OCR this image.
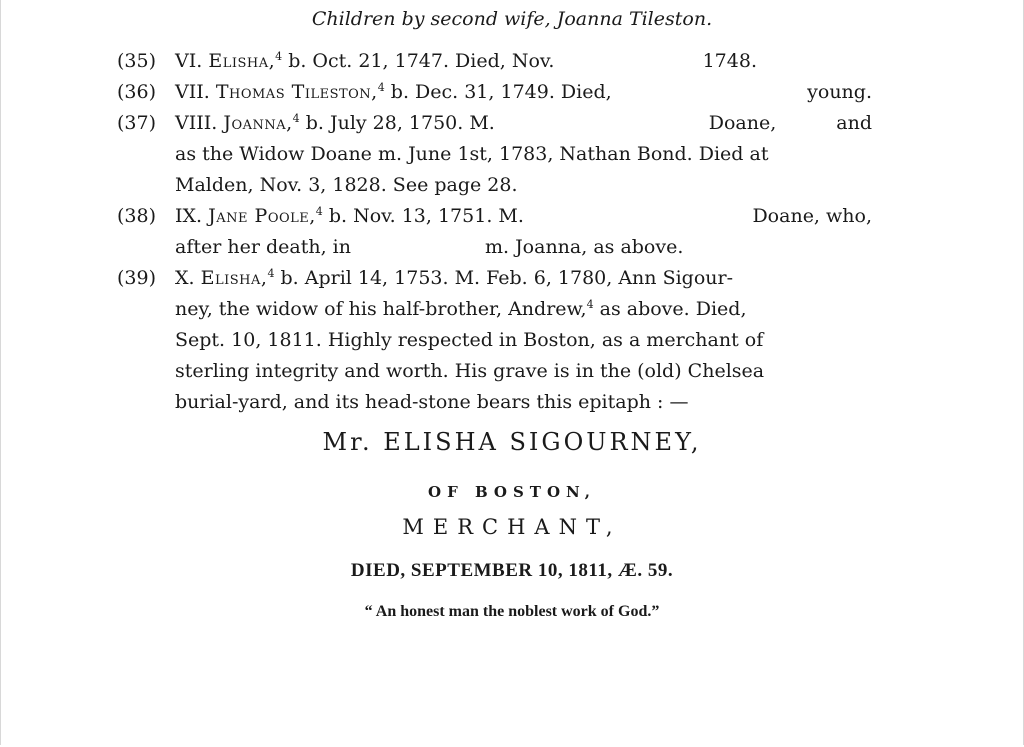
Children by second wife, Joanna Tileston.
(35) VI. Elisha,$^4$ b. Oct. 21, 1747. Died, Nov.	1748.
(36) VII. Thomas Tileston,$^4$ b. Dec. 31, 1749. Died,	young.
(37) VIII. Joanna,$^4$ b. July 28, 1750. M.	Doane,	and
as the Widow Doane m. June 1st, 1783, Nathan Bond. Died at
Malden, Nov. 3, 1828. See page 28.
(38) IX. Jane Poole,$^4$ b. Nov. 13, 1751. M.	Doane, who,
after her death, in	m. Joanna, as above.
(39) X. Elisha,$^4$ b. April 14, 1753. M. Feb. 6, 1780, Ann Sigour-
ney, the widow of his half-brother, Andrew,$^4$ as above. Died,
Sept. 10, 1811. Highly respected in Boston, as a merchant of
sterling integrity and worth. His grave is in the (old) Chelsea
burial-yard, and its head-stone bears this epitaph : —
Mr. ELISHA SIGOURNEY,
OF BOSTON,
MERCHANT,
DIED, SEPTEMBER 10, 1811, Æ. 59.
“ An honest man the noblest work of God.”
